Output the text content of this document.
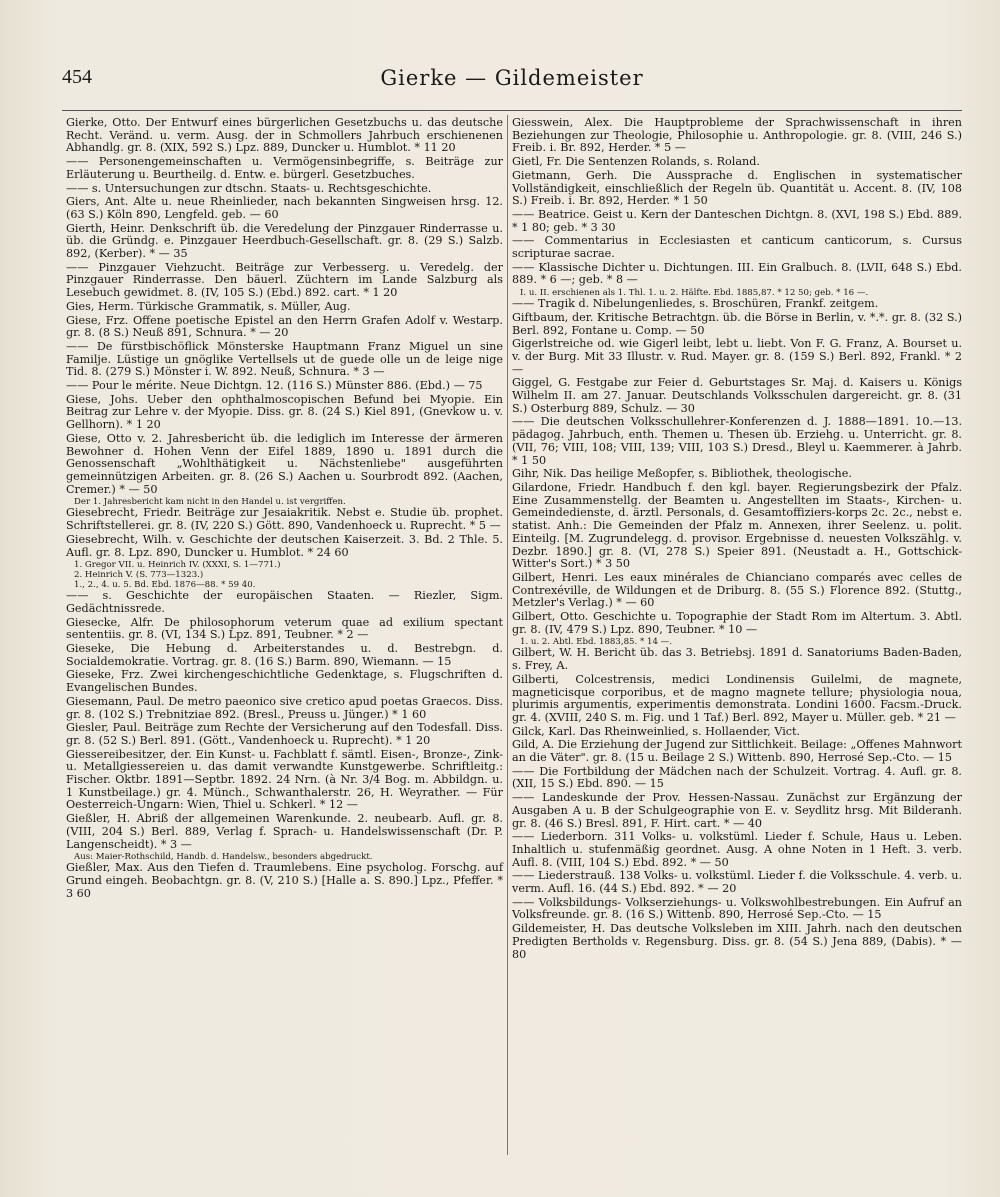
454	Gierke — Gildemeister
Gierke, Otto. Der Entwurf eines bürgerlichen Gesetzbuchs u. das deutsche Recht. Veränd. u. verm. Ausg. der in Schmollers Jahrbuch erschienenen Abhandlg. gr. 8. (XIX, 592 S.) Lpz. 889, Duncker u. Humblot. * 11 20
—— Personengemeinschaften u. Vermögensinbegriffe, s. Beiträge zur Erläuterung u. Beurtheilg. d. Entw. e. bürgerl. Gesetzbuches.
—— s. Untersuchungen zur dtschn. Staats- u. Rechtsgeschichte.
Giers, Ant. Alte u. neue Rheinlieder, nach bekannten Singweisen hrsg. 12. (63 S.) Köln 890, Lengfeld. geb. — 60
Gierth, Heinr. Denkschrift üb. die Veredelung der Pinzgauer Rinderrasse u. üb. die Gründg. e. Pinzgauer Heerdbuch-Gesellschaft. gr. 8. (29 S.) Salzb. 892, (Kerber). * — 35
—— Pinzgauer Viehzucht. Beiträge zur Verbesserg. u. Veredelg. der Pinzgauer Rinderrasse. Den bäuerl. Züchtern im Lande Salzburg als Lesebuch gewidmet. 8. (IV, 105 S.) (Ebd.) 892. cart. * 1 20
Gies, Herm. Türkische Grammatik, s. Müller, Aug.
Giese, Frz. Offene poetische Epistel an den Herrn Grafen Adolf v. Westarp. gr. 8. (8 S.) Neuß 891, Schnura. * — 20
—— De fürstbischöflick Mönsterske Hauptmann Franz Miguel un sine Familje. Lüstige un gnöglike Vertellsels ut de guede olle un de leige nige Tid. 8. (279 S.) Mönster i. W. 892. Neuß, Schnura. * 3 —
—— Pour le mérite. Neue Dichtgn. 12. (116 S.) Münster 886. (Ebd.) — 75
Giese, Johs. Ueber den ophthalmoscopischen Befund bei Myopie. Ein Beitrag zur Lehre v. der Myopie. Diss. gr. 8. (24 S.) Kiel 891, (Gnevkow u. v. Gellhorn). * 1 20
Giese, Otto v. 2. Jahresbericht üb. die lediglich im Interesse der ärmeren Bewohner d. Hohen Venn der Eifel 1889, 1890 u. 1891 durch die Genossenschaft „Wohlthätigkeit u. Nächstenliebe" ausgeführten gemeinnützigen Arbeiten. gr. 8. (26 S.) Aachen u. Sourbrodt 892. (Aachen, Cremer.) * — 50
Der 1. Jahresbericht kam nicht in den Handel u. ist vergriffen.
Giesebrecht, Friedr. Beiträge zur Jesaiakritik. Nebst e. Studie üb. prophet. Schriftstellerei. gr. 8. (IV, 220 S.) Gött. 890, Vandenhoeck u. Ruprecht. * 5 —
Giesebrecht, Wilh. v. Geschichte der deutschen Kaiserzeit. 3. Bd. 2 Thle. 5. Aufl. gr. 8. Lpz. 890, Duncker u. Humblot. * 24 60
1. Gregor VII. u. Heinrich IV. (XXXI, S. 1—771.)
2. Heinrich V. (S. 773—1323.)
1., 2., 4. u. 5. Bd. Ebd. 1876—88. * 59 40.
—— s. Geschichte der europäischen Staaten. — Riezler, Sigm. Gedächtnissrede.
Giesecke, Alfr. De philosophorum veterum quae ad exilium spectant sententiis. gr. 8. (VI, 134 S.) Lpz. 891, Teubner. * 2 —
Gieseke, Die Hebung d. Arbeiterstandes u. d. Bestrebgn. d. Socialdemokratie. Vortrag. gr. 8. (16 S.) Barm. 890, Wiemann. — 15
Gieseke, Frz. Zwei kirchengeschichtliche Gedenktage, s. Flugschriften d. Evangelischen Bundes.
Giesemann, Paul. De metro paeonico sive cretico apud poetas Graecos. Diss. gr. 8. (102 S.) Trebnitziae 892. (Bresl., Preuss u. Jünger.) * 1 60
Giesler, Paul. Beiträge zum Rechte der Versicherung auf den Todesfall. Diss. gr. 8. (52 S.) Berl. 891. (Gött., Vandenhoeck u. Ruprecht). * 1 20
Giessereibesitzer, der. Ein Kunst- u. Fachblatt f. sämtl. Eisen-, Bronze-, Zink- u. Metallgiessereien u. das damit verwandte Kunstgewerbe. Schriftleitg.: Fischer. Oktbr. 1891—Septbr. 1892. 24 Nrn. (à Nr. 3/4 Bog. m. Abbildgn. u. 1 Kunstbeilage.) gr. 4. Münch., Schwanthalerstr. 26, H. Weyrather. — Für Oesterreich-Ungarn: Wien, Thiel u. Schkerl. * 12 —
Gießler, H. Abriß der allgemeinen Warenkunde. 2. neubearb. Aufl. gr. 8. (VIII, 204 S.) Berl. 889, Verlag f. Sprach- u. Handelswissenschaft (Dr. P. Langenscheidt). * 3 —
Aus: Maier-Rothschild, Handb. d. Handelsw., besonders abgedruckt.
Gießler, Max. Aus den Tiefen d. Traumlebens. Eine psycholog. Forschg. auf Grund eingeh. Beobachtgn. gr. 8. (V, 210 S.) [Halle a. S. 890.] Lpz., Pfeffer. * 3 60
Giesswein, Alex. Die Hauptprobleme der Sprachwissenschaft in ihren Beziehungen zur Theologie, Philosophie u. Anthropologie. gr. 8. (VIII, 246 S.) Freib. i. Br. 892, Herder. * 5 —
Gietl, Fr. Die Sentenzen Rolands, s. Roland.
Gietmann, Gerh. Die Aussprache d. Englischen in systematischer Vollständigkeit, einschließlich der Regeln üb. Quantität u. Accent. 8. (IV, 108 S.) Freib. i. Br. 892, Herder. * 1 50
—— Beatrice. Geist u. Kern der Danteschen Dichtgn. 8. (XVI, 198 S.) Ebd. 889. * 1 80; geb. * 3 30
—— Commentarius in Ecclesiasten et canticum canticorum, s. Cursus scripturae sacrae.
—— Klassische Dichter u. Dichtungen. III. Ein Gralbuch. 8. (LVII, 648 S.) Ebd. 889. * 6 —; geb. * 8 —
I. u. II. erschienen als 1. Thl. 1. u. 2. Hälfte. Ebd. 1885,87. * 12 50; geb. * 16 —.
—— Tragik d. Nibelungenliedes, s. Broschüren, Frankf. zeitgem.
Giftbaum, der. Kritische Betrachtgn. üb. die Börse in Berlin, v. *.*. gr. 8. (32 S.) Berl. 892, Fontane u. Comp. — 50
Gigerlstreiche od. wie Gigerl leibt, lebt u. liebt. Von F. G. Franz, A. Bourset u. v. der Burg. Mit 33 Illustr. v. Rud. Mayer. gr. 8. (159 S.) Berl. 892, Frankl. * 2 —
Giggel, G. Festgabe zur Feier d. Geburtstages Sr. Maj. d. Kaisers u. Königs Wilhelm II. am 27. Januar. Deutschlands Volksschulen dargereicht. gr. 8. (31 S.) Osterburg 889, Schulz. — 30
—— Die deutschen Volksschullehrer-Konferenzen d. J. 1888—1891. 10.—13. pädagog. Jahrbuch, enth. Themen u. Thesen üb. Erziehg. u. Unterricht. gr. 8. (VII, 76; VIII, 108; VIII, 139; VIII, 103 S.) Dresd., Bleyl u. Kaemmerer. à Jahrb. * 1 50
Gihr, Nik. Das heilige Meßopfer, s. Bibliothek, theologische.
Gilardone, Friedr. Handbuch f. den kgl. bayer. Regierungsbezirk der Pfalz. Eine Zusammenstellg. der Beamten u. Angestellten im Staats-, Kirchen- u. Gemeindedienste, d. ärztl. Personals, d. Gesamtoffiziers-korps 2c. 2c., nebst e. statist. Anh.: Die Gemeinden der Pfalz m. Annexen, ihrer Seelenz. u. polit. Einteilg. [M. Zugrundelegg. d. provisor. Ergebnisse d. neuesten Volkszählg. v. Dezbr. 1890.] gr. 8. (VI, 278 S.) Speier 891. (Neustadt a. H., Gottschick-Witter's Sort.) * 3 50
Gilbert, Henri. Les eaux minérales de Chianciano comparés avec celles de Contrexéville, de Wildungen et de Driburg. 8. (55 S.) Florence 892. (Stuttg., Metzler's Verlag.) * — 60
Gilbert, Otto. Geschichte u. Topographie der Stadt Rom im Altertum. 3. Abtl. gr. 8. (IV, 479 S.) Lpz. 890, Teubner. * 10 —
1. u. 2. Abtl. Ebd. 1883,85. * 14 —.
Gilbert, W. H. Bericht üb. das 3. Betriebsj. 1891 d. Sanatoriums Baden-Baden, s. Frey, A.
Gilberti, Colcestrensis, medici Londinensis Guilelmi, de magnete, magneticisque corporibus, et de magno magnete tellure; physiologia noua, plurimis argumentis, experimentis demonstrata. Londini 1600. Facsm.-Druck. gr. 4. (XVIII, 240 S. m. Fig. und 1 Taf.) Berl. 892, Mayer u. Müller. geb. * 21 —
Gilck, Karl. Das Rheinweinlied, s. Hollaender, Vict.
Gild, A. Die Erziehung der Jugend zur Sittlichkeit. Beilage: „Offenes Mahnwort an die Väter". gr. 8. (15 u. Beilage 2 S.) Wittenb. 890, Herrosé Sep.-Cto. — 15
—— Die Fortbildung der Mädchen nach der Schulzeit. Vortrag. 4. Aufl. gr. 8. (XII, 15 S.) Ebd. 890. — 15
—— Landeskunde der Prov. Hessen-Nassau. Zunächst zur Ergänzung der Ausgaben A u. B der Schulgeographie von E. v. Seydlitz hrsg. Mit Bilderanh. gr. 8. (46 S.) Bresl. 891, F. Hirt. cart. * — 40
—— Liederborn. 311 Volks- u. volkstüml. Lieder f. Schule, Haus u. Leben. Inhaltlich u. stufenmäßig geordnet. Ausg. A ohne Noten in 1 Heft. 3. verb. Aufl. 8. (VIII, 104 S.) Ebd. 892. * — 50
—— Liederstrauß. 138 Volks- u. volkstüml. Lieder f. die Volksschule. 4. verb. u. verm. Aufl. 16. (44 S.) Ebd. 892. * — 20
—— Volksbildungs- Volkserziehungs- u. Volkswohlbestrebungen. Ein Aufruf an Volksfreunde. gr. 8. (16 S.) Wittenb. 890, Herrosé Sep.-Cto. — 15
Gildemeister, H. Das deutsche Volksleben im XIII. Jahrh. nach den deutschen Predigten Bertholds v. Regensburg. Diss. gr. 8. (54 S.) Jena 889, (Dabis). * — 80
